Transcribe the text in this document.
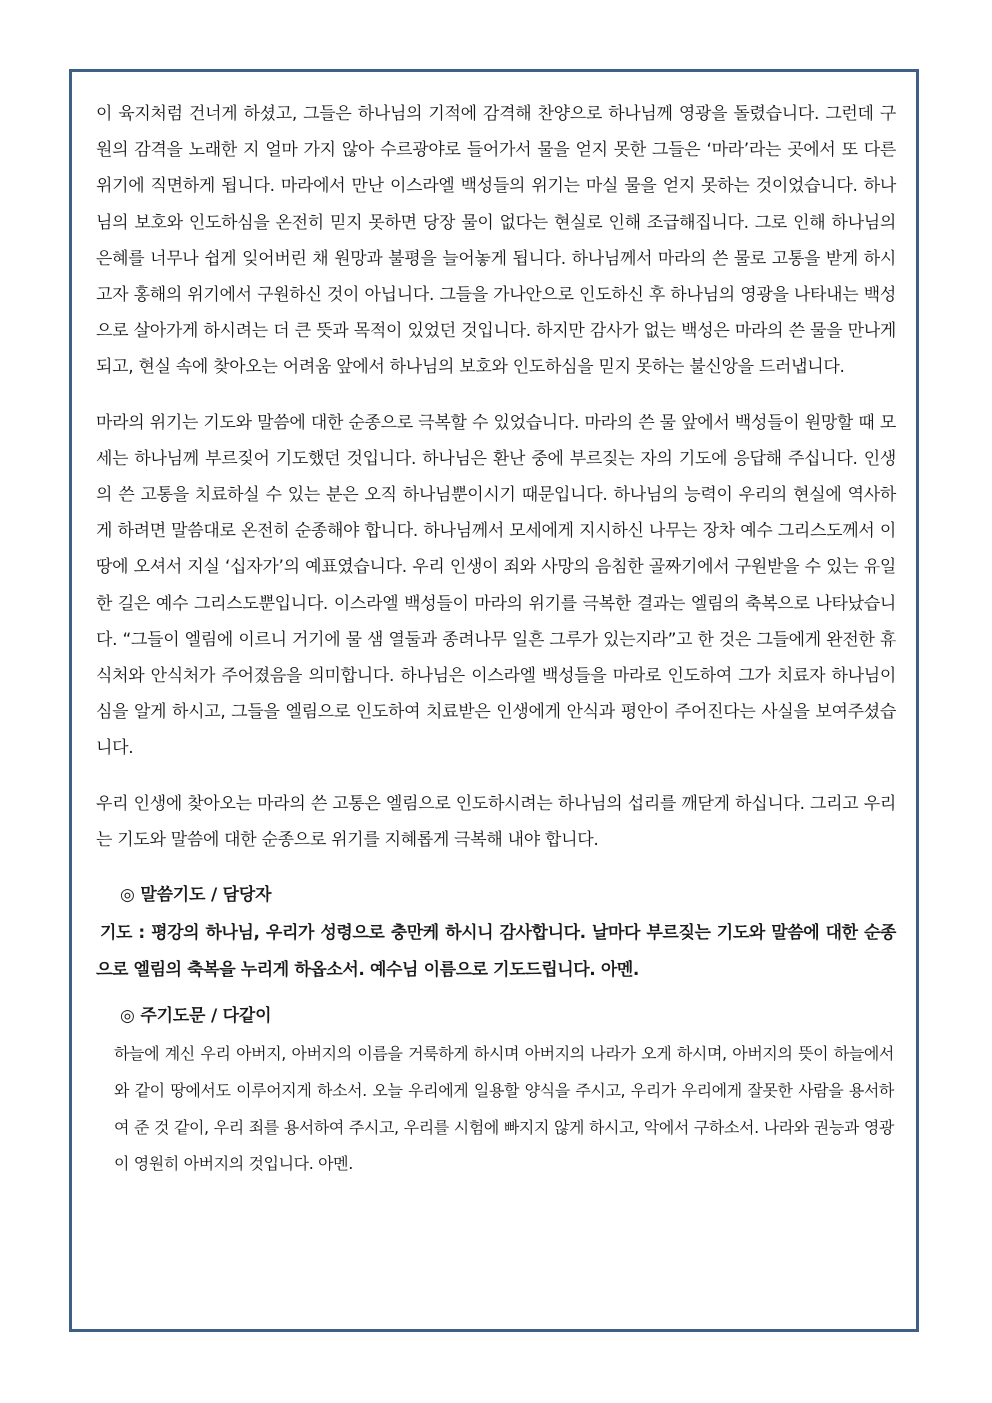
이 육지처럼 건너게 하셨고, 그들은 하나님의 기적에 감격해 찬양으로 하나님께 영광을 돌렸습니다. 그런데 구원의 감격을 노래한 지 얼마 가지 않아 수르광야로 들어가서 물을 얻지 못한 그들은 ‘마라’라는 곳에서 또 다른 위기에 직면하게 됩니다. 마라에서 만난 이스라엘 백성들의 위기는 마실 물을 얻지 못하는 것이었습니다. 하나님의 보호와 인도하심을 온전히 믿지 못하면 당장 물이 없다는 현실로 인해 조급해집니다. 그로 인해 하나님의 은혜를 너무나 쉽게 잊어버린 채 원망과 불평을 늘어놓게 됩니다. 하나님께서 마라의 쓴 물로 고통을 받게 하시고자 홍해의 위기에서 구원하신 것이 아닙니다. 그들을 가나안으로 인도하신 후 하나님의 영광을 나타내는 백성으로 살아가게 하시려는 더 큰 뜻과 목적이 있었던 것입니다. 하지만 감사가 없는 백성은 마라의 쓴 물을 만나게 되고, 현실 속에 찾아오는 어려움 앞에서 하나님의 보호와 인도하심을 믿지 못하는 불신앙을 드러냅니다.

마라의 위기는 기도와 말씀에 대한 순종으로 극복할 수 있었습니다. 마라의 쓴 물 앞에서 백성들이 원망할 때 모세는 하나님께 부르짖어 기도했던 것입니다. 하나님은 환난 중에 부르짖는 자의 기도에 응답해 주십니다. 인생의 쓴 고통을 치료하실 수 있는 분은 오직 하나님뿐이시기 때문입니다. 하나님의 능력이 우리의 현실에 역사하게 하려면 말씀대로 온전히 순종해야 합니다. 하나님께서 모세에게 지시하신 나무는 장차 예수 그리스도께서 이 땅에 오셔서 지실 ‘십자가’의 예표였습니다. 우리 인생이 죄와 사망의 음침한 골짜기에서 구원받을 수 있는 유일한 길은 예수 그리스도뿐입니다. 이스라엘 백성들이 마라의 위기를 극복한 결과는 엘림의 축복으로 나타났습니다. “그들이 엘림에 이르니 거기에 물 샘 열둘과 종려나무 일흔 그루가 있는지라”고 한 것은 그들에게 완전한 휴식처와 안식처가 주어졌음을 의미합니다. 하나님은 이스라엘 백성들을 마라로 인도하여 그가 치료자 하나님이심을 알게 하시고, 그들을 엘림으로 인도하여 치료받은 인생에게 안식과 평안이 주어진다는 사실을 보여주셨습니다.

우리 인생에 찾아오는 마라의 쓴 고통은 엘림으로 인도하시려는 하나님의 섭리를 깨닫게 하십니다. 그리고 우리는 기도와 말씀에 대한 순종으로 위기를 지혜롭게 극복해 내야 합니다.

◎ 말씀기도 / 담당자

기도 : 평강의 하나님, 우리가 성령으로 충만케 하시니 감사합니다. 날마다 부르짖는 기도와 말씀에 대한 순종으로 엘림의 축복을 누리게 하옵소서. 예수님 이름으로 기도드립니다. 아멘.

◎ 주기도문 / 다같이

하늘에 계신 우리 아버지, 아버지의 이름을 거룩하게 하시며 아버지의 나라가 오게 하시며, 아버지의 뜻이 하늘에서와 같이 땅에서도 이루어지게 하소서. 오늘 우리에게 일용할 양식을 주시고, 우리가 우리에게 잘못한 사람을 용서하여 준 것 같이, 우리 죄를 용서하여 주시고, 우리를 시험에 빠지지 않게 하시고, 악에서 구하소서. 나라와 권능과 영광이 영원히 아버지의 것입니다. 아멘.
